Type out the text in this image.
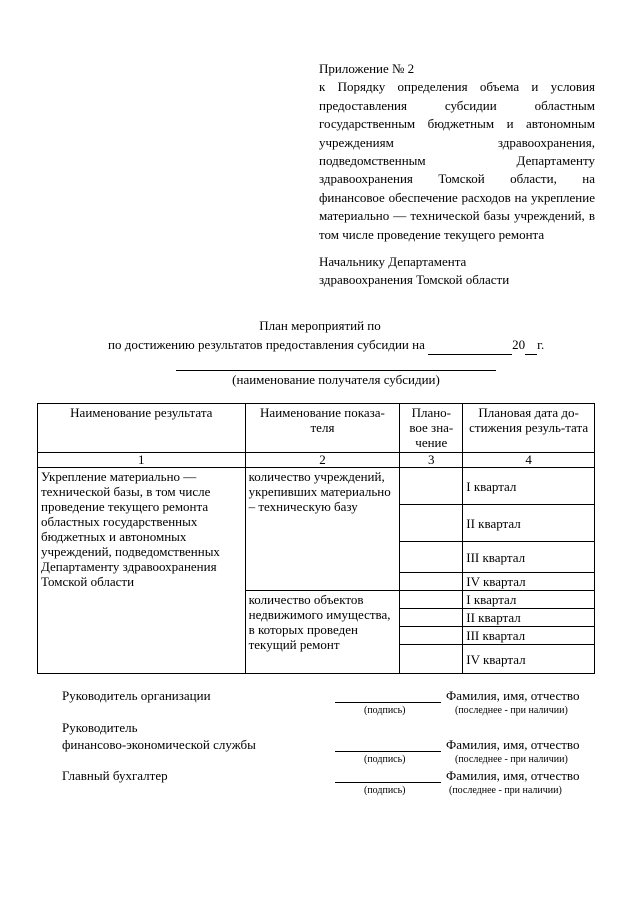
Приложение № 2
к Порядку определения объема и условия предоставления субсидии областным государственным бюджетным и автономным учреждениям здравоохранения, подведомственным Департаменту здравоохранения Томской области, на финансовое обеспечение расходов на укрепление материально — технической базы учреждений, в том числе проведение текущего ремонта
Начальнику Департамента
здравоохранения Томской области
План мероприятий по
по достижению результатов предоставления субсидии на	20 г.
(наименование получателя субсидии)
Наименование результата	Наименование показа-теля	Плано-вое зна-чение	Плановая дата до-стижения резуль-тата
1	2	3	4
Укрепление материально — технической базы, в том числе проведение текущего ремонта областных государственных бюджетных и автономных учреждений, подведомственных Департаменту здравоохранения Томской области	количество учреждений, укрепивших материально – техническую базу		I квартал
			II квартал
			III квартал
			IV квартал
	количество объектов недвижимого имущества, в которых проведен текущий ремонт		I квартал
			II квартал
			III квартал
			IV квартал
Руководитель организации	Фамилия, имя, отчество
(подпись)	(последнее - при наличии)
Руководитель
финансово-экономической службы	Фамилия, имя, отчество
(подпись)	(последнее - при наличии)
Главный бухгалтер	Фамилия, имя, отчество
(подпись)	(последнее - при наличии)
